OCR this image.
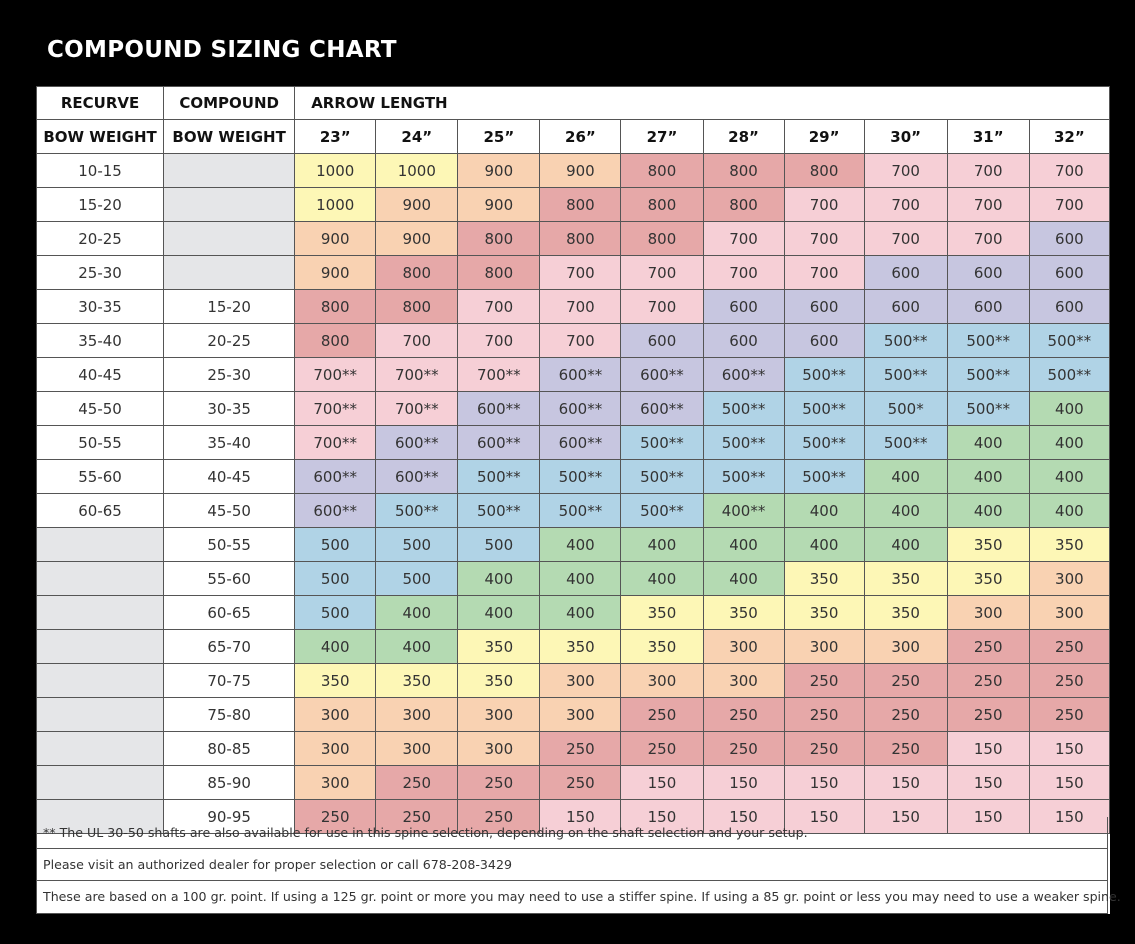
COMPOUND SIZING CHART
RECURVE	COMPOUND	ARROW LENGTH									
BOW WEIGHT	BOW WEIGHT	23”	24”	25”	26”	27”	28”	29”	30”	31”	32”
10-15		1000	1000	900	900	800	800	800	700	700	700
15-20		1000	900	900	800	800	800	700	700	700	700
20-25		900	900	800	800	800	700	700	700	700	600
25-30		900	800	800	700	700	700	700	600	600	600
30-35	15-20	800	800	700	700	700	600	600	600	600	600
35-40	20-25	800	700	700	700	600	600	600	500**	500**	500**
40-45	25-30	700**	700**	700**	600**	600**	600**	500**	500**	500**	500**
45-50	30-35	700**	700**	600**	600**	600**	500**	500**	500*	500**	400
50-55	35-40	700**	600**	600**	600**	500**	500**	500**	500**	400	400
55-60	40-45	600**	600**	500**	500**	500**	500**	500**	400	400	400
60-65	45-50	600**	500**	500**	500**	500**	400**	400	400	400	400
	50-55	500	500	500	400	400	400	400	400	350	350
	55-60	500	500	400	400	400	400	350	350	350	300
	60-65	500	400	400	400	350	350	350	350	300	300
	65-70	400	400	350	350	350	300	300	300	250	250
	70-75	350	350	350	300	300	300	250	250	250	250
	75-80	300	300	300	300	250	250	250	250	250	250
	80-85	300	300	300	250	250	250	250	250	150	150
	85-90	300	250	250	250	150	150	150	150	150	150
	90-95	250	250	250	150	150	150	150	150	150	150
** The UL 30-50 shafts are also available for use in this spine selection, depending on the shaft selection and your setup.
Please visit an authorized dealer for proper selection or call 678-208-3429
These are based on a 100 gr. point. If using a 125 gr. point or more you may need to use a stiffer spine. If using a 85 gr. point or less you may need to use a weaker spine.
